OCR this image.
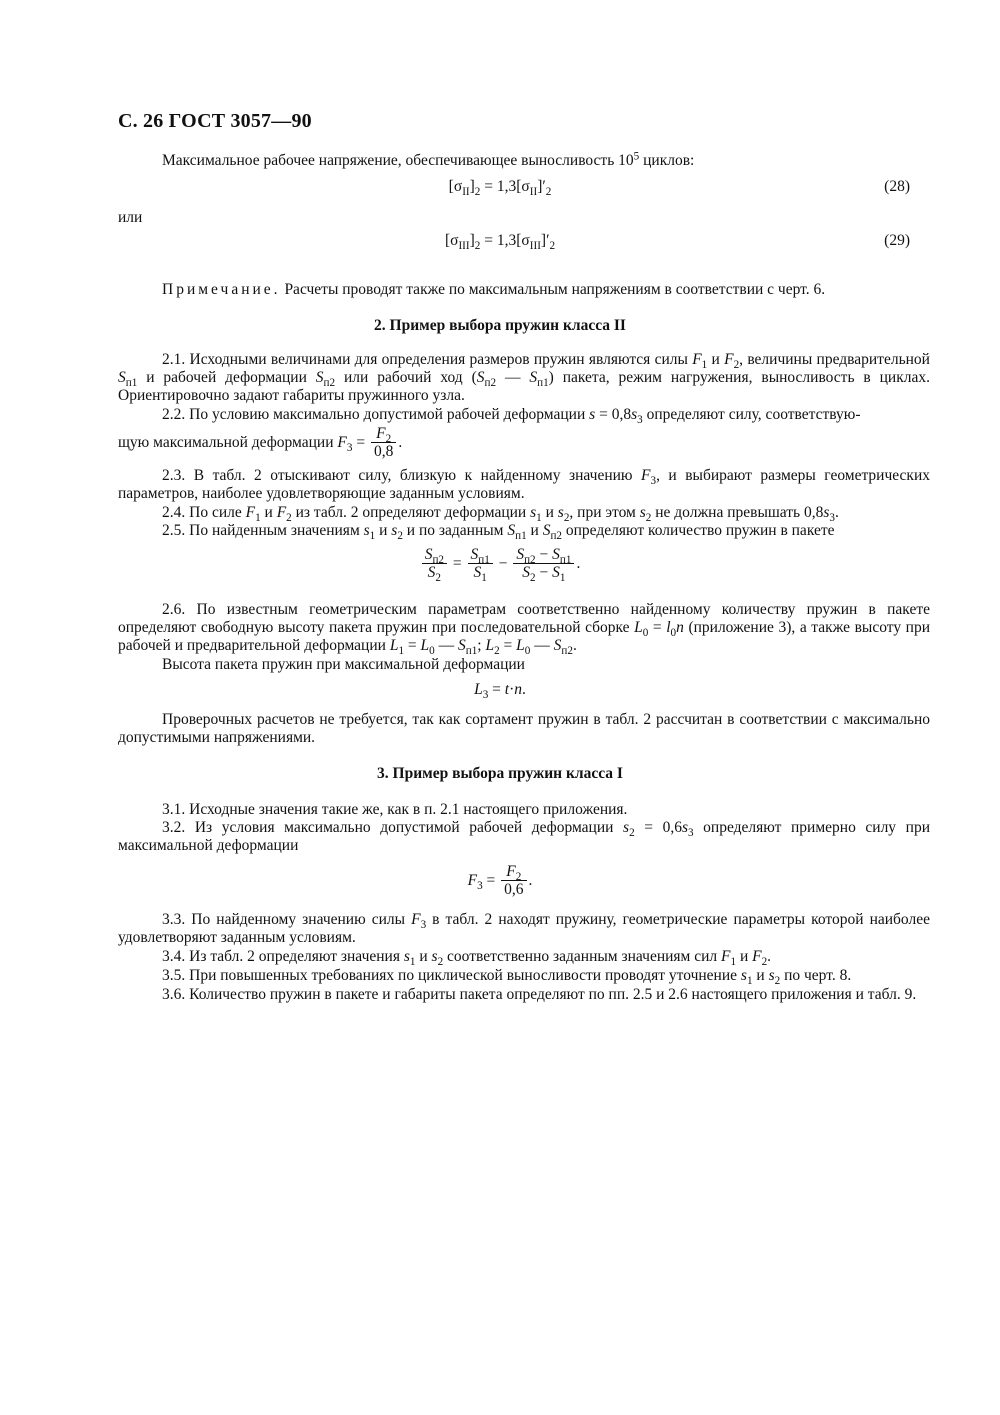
С. 26 ГОСТ 3057—90
Максимальное рабочее напряжение, обеспечивающее выносливость $10^5$ циклов:
$[\sigma_{II}]_2 = 1,3[\sigma_{II}]'_2$	(28)
или
$[\sigma_{III}]_2 = 1,3[\sigma_{III}]'_2$	(29)
Примечание. Расчеты проводят также по максимальным напряжениям в соответствии с черт. 6.
2. Пример выбора пружин класса II
2.1. Исходными величинами для определения размеров пружин являются силы $F_1$ и $F_2$, величины предварительной $S_{п1}$ и рабочей деформации $S_{п2}$ или рабочий ход ($S_{п2}$ — $S_{п1}$) пакета, режим нагружения, выносливость в циклах. Ориентировочно задают габариты пружинного узла.
2.2. По условию максимально допустимой рабочей деформации $s = 0,8s_3$ определяют силу, соответствую-
щую максимальной деформации $F_3 = \frac{F_2}{0,8}$ .
2.3. В табл. 2 отыскивают силу, близкую к найденному значению $F_3$, и выбирают размеры геометрических параметров, наиболее удовлетворяющие заданным условиям.
2.4. По силе $F_1$ и $F_2$ из табл. 2 определяют деформации $s_1$ и $s_2$, при этом $s_2$ не должна превышать $0,8s_3$.
2.5. По найденным значениям $s_1$ и $s_2$ и по заданным $S_{п1}$ и $S_{п2}$ определяют количество пружин в пакете
$\frac{S_{п2}}{S_2} = \frac{S_{п1}}{S_1} - \frac{S_{п2} - S_{п1}}{S_2 - S_1}$ .
2.6. По известным геометрическим параметрам соответственно найденному количеству пружин в пакете определяют свободную высоту пакета пружин при последовательной сборке $L_0 = l_0n$ (приложение 3), а также высоту при рабочей и предварительной деформации $L_1 = L_0$ — $S_{п1}$; $L_2 = L_0$ — $S_{п2}$.
Высота пакета пружин при максимальной деформации
$L_3 = t\cdot n$.
Проверочных расчетов не требуется, так как сортамент пружин в табл. 2 рассчитан в соответствии с максимально допустимыми напряжениями.
3. Пример выбора пружин класса I
3.1. Исходные значения такие же, как в п. 2.1 настоящего приложения.
3.2. Из условия максимально допустимой рабочей деформации $s_2 = 0,6s_3$ определяют примерно силу при максимальной деформации
$F_3 = \frac{F_2}{0,6}$ .
3.3. По найденному значению силы $F_3$ в табл. 2 находят пружину, геометрические параметры которой наиболее удовлетворяют заданным условиям.
3.4. Из табл. 2 определяют значения $s_1$ и $s_2$ соответственно заданным значениям сил $F_1$ и $F_2$.
3.5. При повышенных требованиях по циклической выносливости проводят уточнение $s_1$ и $s_2$ по черт. 8.
3.6. Количество пружин в пакете и габариты пакета определяют по пп. 2.5 и 2.6 настоящего приложения и табл. 9.
